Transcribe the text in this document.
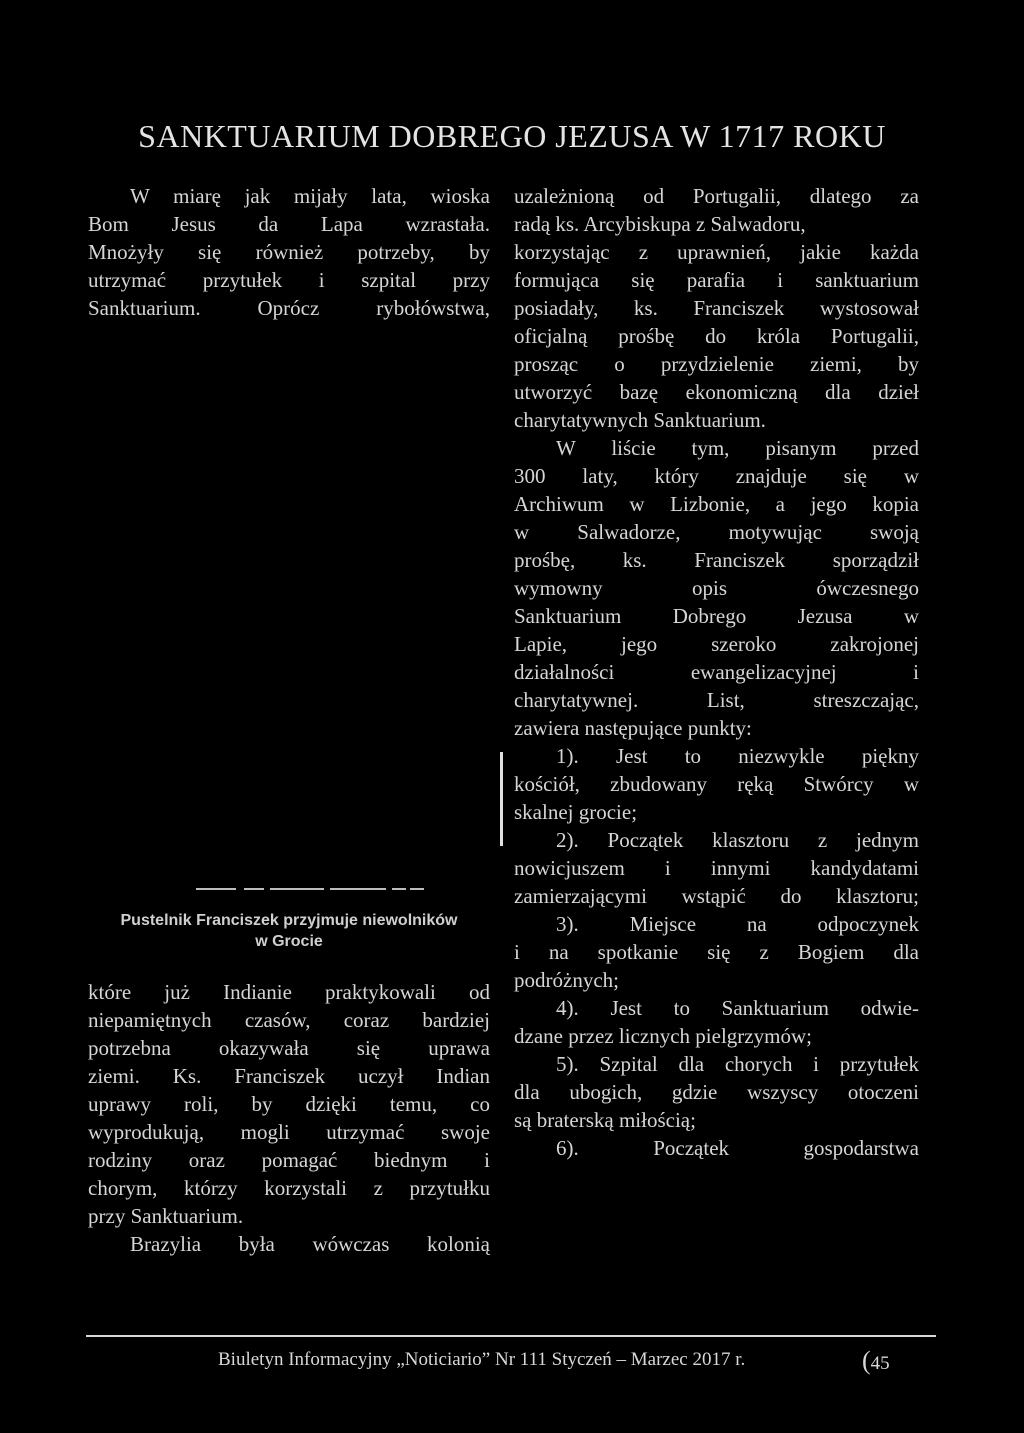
SANKTUARIUM DOBREGO JEZUSA W 1717 ROKU
W miarę jak mijały lata, wioska
Bom Jesus da Lapa wzrastała.
Mnożyły się również potrzeby, by
utrzymać przytułek i szpital przy
Sanktuarium. Oprócz rybołówstwa,
Pustelnik Franciszek przyjmuje niewolników
w Grocie
które już Indianie praktykowali od
niepamiętnych czasów, coraz bardziej
potrzebna okazywała się uprawa
ziemi. Ks. Franciszek uczył Indian
uprawy roli, by dzięki temu, co
wyprodukują, mogli utrzymać swoje
rodziny oraz pomagać biednym i
chorym, którzy korzystali z przytułku
przy Sanktuarium.
Brazylia była wówczas kolonią
uzależnioną od Portugalii, dlatego za
radą ks. Arcybiskupa z Salwadoru,
korzystając z uprawnień, jakie każda
formująca się parafia i sanktuarium
posiadały, ks. Franciszek wystosował
oficjalną prośbę do króla Portugalii,
prosząc o przydzielenie ziemi, by
utworzyć bazę ekonomiczną dla dzieł
charytatywnych Sanktuarium.
W liście tym, pisanym przed
300 laty, który znajduje się w
Archiwum w Lizbonie, a jego kopia
w Salwadorze, motywując swoją
prośbę, ks. Franciszek sporządził
wymowny opis ówczesnego
Sanktuarium Dobrego Jezusa w
Lapie, jego szeroko zakrojonej
działalności ewangelizacyjnej i
charytatywnej. List, streszczając,
zawiera następujące punkty:
1). Jest to niezwykle piękny
kościół, zbudowany ręką Stwórcy w
skalnej grocie;
2). Początek klasztoru z jednym
nowicjuszem i innymi kandydatami
zamierzającymi wstąpić do klasztoru;
3). Miejsce na odpoczynek
i na spotkanie się z Bogiem dla
podróżnych;
4). Jest to Sanktuarium odwie-
dzane przez licznych pielgrzymów;
5). Szpital dla chorych i przytułek
dla ubogich, gdzie wszyscy otoczeni
są braterską miłością;
6). Początek gospodarstwa
Biuletyn Informacyjny „Noticiario” Nr 111 Styczeń – Marzec 2017 r.	(45
